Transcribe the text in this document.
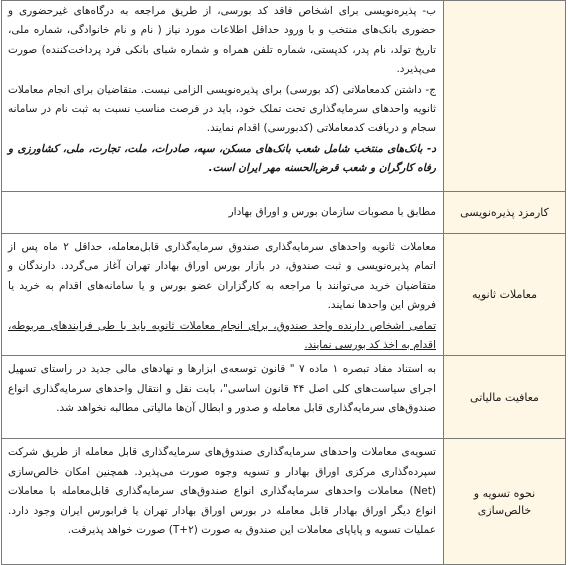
	ب- پذیره‌نویسی برای اشخاص فاقد کد بورسی، از طریق مراجعه به درگاه‌های غیرحضوری و حضوری بانک‌های منتخب و با ورود حداقل اطلاعات مورد نیاز ( نام و نام خانوادگی، شماره ملی، تاریخ تولد، نام پدر، کدپستی، شماره تلفن همراه و شماره شبای بانکی فرد پرداخت‌کننده) صورت می‌پذیرد.

ج- داشتن کدمعاملاتی (کد بورسی) برای پذیره‌نویسی الزامی نیست. متقاضیان برای انجام معاملات ثانویه واحدهای سرمایه‌گذاری تحت تملک خود، باید در فرصت مناسب نسبت به ثبت نام در سامانه سجام و دریافت کدمعاملاتی (کدبورسی) اقدام نمایند.

د- بانک‌های منتخب شامل شعب بانک‌های مسکن، سپه، صادرات، ملت، تجارت، ملی، کشاورزی و رفاه کارگران و شعب قرض‌الحسنه مهر ایران است.

کارمزد پذیره‌نویسی	مطابق با مصوبات سازمان بورس و اوراق بهادار

معاملات ثانویه	معاملات ثانویه واحدهای سرمایه‌گذاری صندوق سرمایه‌گذاری قابل‌معامله، حداقل ۲ ماه پس از اتمام پذیره‌نویسی و ثبت صندوق، در بازار بورس اوراق بهادار تهران آغاز می‌گردد. دارندگان و متقاضیان خرید می‌توانند با مراجعه به کارگزاران عضو بورس و یا سامانه‌های اقدام به خرید یا فروش این واحدها نمایند.

تمامی اشخاص دارنده واحد صندوق، برای انجام معاملات ثانویه باید با طی فرایندهای مربوطه، اقدام به اخذ کد بورسی نمایند.

معافیت مالیاتی	به استناد مفاد تبصره ۱ ماده ۷ " قانون توسعه‌ی ابزارها و نهادهای مالی جدید در راستای تسهیل اجرای سیاست‌های کلی اصل ۴۴ قانون اساسی"، بابت نقل و انتقال واحدهای سرمایه‌گذاری انواع صندوق‌های سرمایه‌گذاری قابل معامله و صدور و ابطال آن‌ها مالیاتی مطالبه نخواهد شد.

نحوه تسویه و خالص‌سازی	تسویه‌ی معاملات واحدهای سرمایه‌گذاری صندوق‌های سرمایه‌گذاری قابل معامله از طریق شرکت سپرده‌گذاری مرکزی اوراق بهادار و تسویه وجوه صورت می‌پذیرد. همچنین امکان خالص‌سازی (Net) معاملات واحدهای سرمایه‌گذاری انواع صندوق‌های سرمایه‌گذاری قابل‌معامله با معاملات انواع دیگر اوراق بهادار قابل معامله در بورس اوراق بهادار تهران یا فرابورس ایران وجود دارد. عملیات تسویه و پایاپای معاملات این صندوق به صورت (T+۲) صورت خواهد پذیرفت.
